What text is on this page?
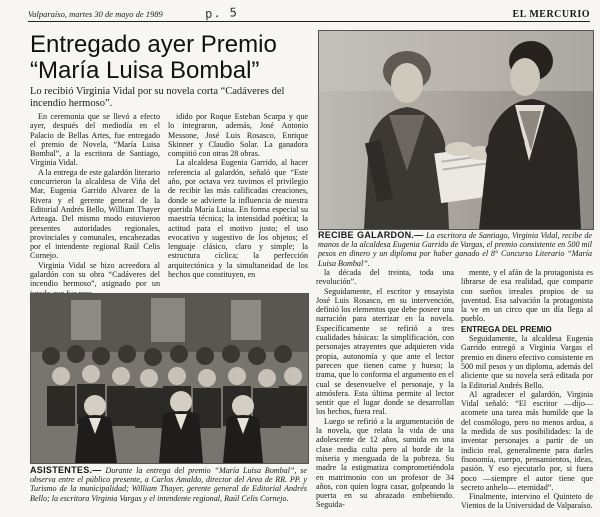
Valparaíso, martes 30 de mayo de 1989	p. 5	EL MERCURIO
Entregado ayer Premio
“María Luisa Bombal”
Lo recibió Virginia Vidal por su novela corta “Cadáveres del incendio hermoso”.

En ceremonia que se llevó a efecto ayer, después del mediodía en el Palacio de Bellas Artes, fue entregado el premio de Novela, “María Luisa Bombal”, a la escritora de Santiago, Virginia Vidal.

A la entrega de este galardón literario concurrieron la alcaldesa de Viña del Mar, Eugenia Garrido Alvarez de la Rivera y el gerente general de la Editorial Andrés Bello, William Thayer Arteaga. Del mismo modo estuvieron presentes autoridades regionales, provinciales y comunales, encabezadas por el intendente regional Raúl Celis Cornejo.

Virginia Vidal se hizo acreedora al galardón con su obra “Cadáveres del incendio hermoso”, asignado por un

idido por Roque Esteban Scarpa y que lo integraron, además, José Antonio Messone, José Luis Rosasco, Enrique Skinner y Claudio Solar. La ganadora compitió con otras 28 obras.

La alcaldesa Eugenia Garrido, al hacer referencia al galardón, señaló que “Este año, por octava vez tuvimos el privilegio de recibir las más calificadas creaciones, donde se advierte la influencia de nuestra querida María Luisa. En forma especial su maestría técnica; la intensidad poética; la actitud para el motivo justo; el uso evocativo y sugestivo de los objetos; el lenguaje clásico, claro y simple; la estructura cíclica; la perfección arquitectónica y la simultaneidad de los hechos que constituyen, en

RECIBE GALARDON.— La escritora de Santiago, Virginia Vidal, recibe de manos de la alcaldesa Eugenia Garrido de Vargas, el premio consistente en 500 mil pesos en dinero y un diploma por haber ganado el 8° Concurso Literario “María Luisa Bombal”.
ASISTENTES.— Durante la entrega del premio “María Luisa Bombal”, se observa entre el público presente, a Carlos Amaldo, director del Area de RR. PP. y Turismo de la municipalidad; William Thayer, gerente general de Editorial Andrés Bello; la escritora Virginia Vargas y el intendente regional, Raúl Celis Cornejo.

la década del treinta, toda una revolución”.

Seguidamente, el escritor y ensayista José Luis Rosasco, en su intervención, definió los elementos que debe poseer una narración para aterrizar en la novela. Específicamente se refirió a tres cualidades básicas: la simplificación, con personajes atrayentes que adquieren vida propia, autonomía y que ante el lector parecen que tienen carne y hueso; la trama, que lo conforma el argumento en el cual se desenvuelve el personaje, y la atmósfera. Esta última permite al lector sentir que el lugar donde se desarrollan los hechos, fuera real.

Luego se refirió a la argumentación de la novela, que relata la vida de una adolescente de 12 años, sumida en una clase media culta pero al borde de la miseria y menguada de la pobreza. Su madre la estigmatiza comprometiéndola en matrimonio con un profesor de 34 años, con quien logra casar, golpeando la puerta en su abrazado embebiendo. Seguida-

mente, y el afán de la protagonista es librarse de esa realidad, que comparte con sueños irreales propios de su juventud. Esa salvación la protagonista la ve en un circo que un día llega al pueblo.

ENTREGA DEL PREMIO

Seguidamente, la alcaldesa Eugenia Garrido entregó a Virginia Vargas el premio en dinero efectivo consistente en 500 mil pesos y un diploma, además del aliciente que su novela será editada por la Editorial Andrés Bello.

Al agradecer el galardón, Virginia Vidal señaló: “El escritor —dijo— acomete una tarea más humilde que la del cosmólogo, pero no menos ardua, a la medida de sus posibilidades: la de inventar personajes a partir de un indicio real, generalmente para darles fisonomía, cuerpo, pensamientos, ideas, pasión. Y eso ejecutarlo por, si fuera poco —siempre el autor tiene que secreto anhelo— eternidad”.

Finalmente, intervino el Quinteto de Vientos de la Universidad de Valparaíso.
